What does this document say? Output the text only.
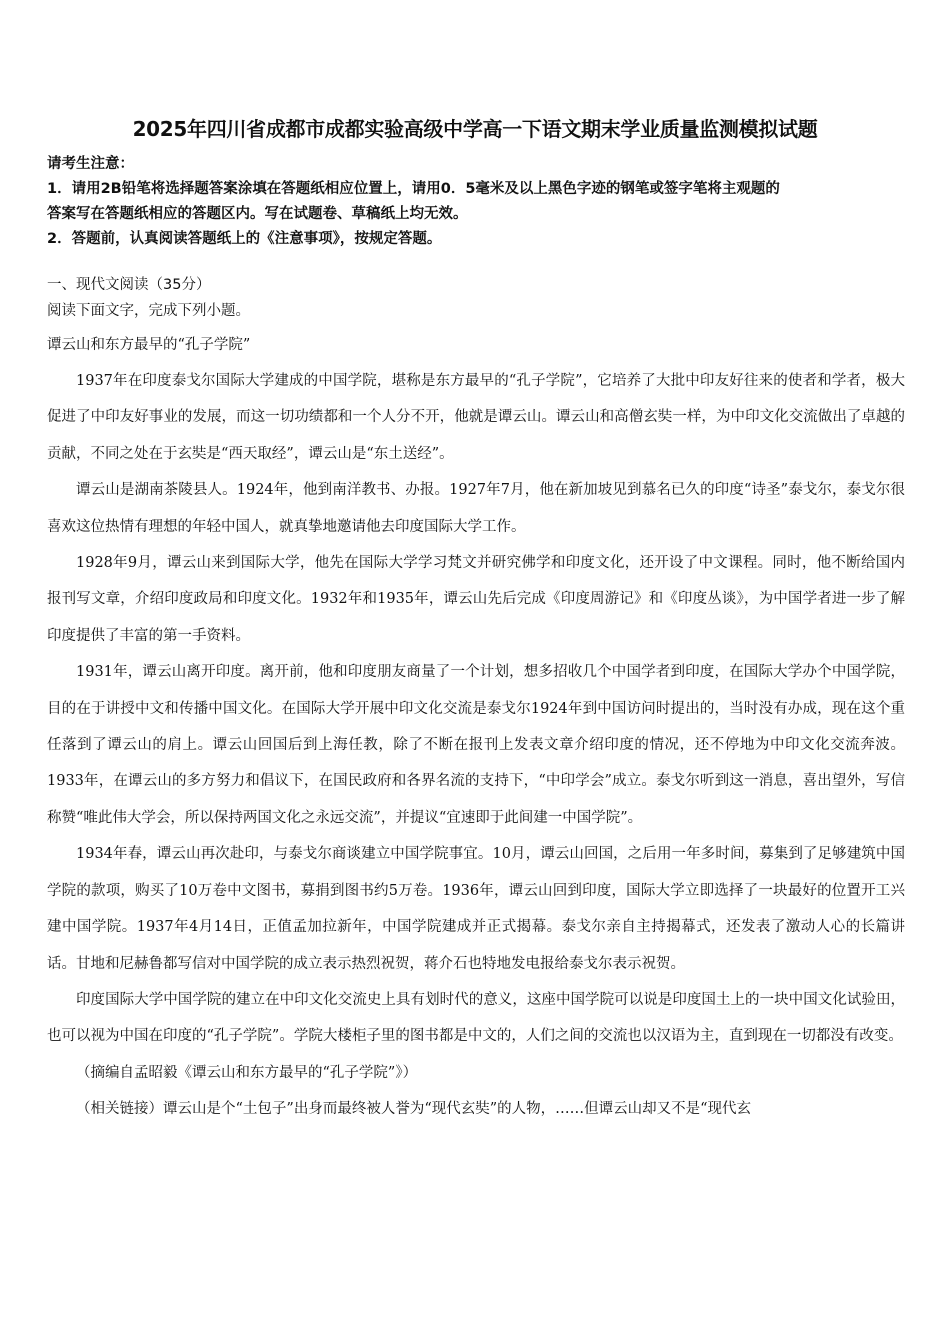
2025年四川省成都市成都实验高级中学高一下语文期末学业质量监测模拟试题
请考生注意：
1．请用2B铅笔将选择题答案涂填在答题纸相应位置上，请用0．5毫米及以上黑色字迹的钢笔或签字笔将主观题的
答案写在答题纸相应的答题区内。写在试题卷、草稿纸上均无效。
2．答题前，认真阅读答题纸上的《注意事项》，按规定答题。
一、现代文阅读（35分）
阅读下面文字，完成下列小题。
谭云山和东方最早的“孔子学院”

1937年在印度泰戈尔国际大学建成的中国学院，堪称是东方最早的“孔子学院”，它培养了大批中印友好往来的使者和学者，极大促进了中印友好事业的发展，而这一切功绩都和一个人分不开，他就是谭云山。谭云山和高僧玄奘一样，为中印文化交流做出了卓越的贡献，不同之处在于玄奘是“西天取经”，谭云山是“东土送经”。

谭云山是湖南茶陵县人。1924年，他到南洋教书、办报。1927年7月，他在新加坡见到慕名已久的印度“诗圣”泰戈尔，泰戈尔很喜欢这位热情有理想的年轻中国人，就真挚地邀请他去印度国际大学工作。

1928年9月，谭云山来到国际大学，他先在国际大学学习梵文并研究佛学和印度文化，还开设了中文课程。同时，他不断给国内报刊写文章，介绍印度政局和印度文化。1932年和1935年，谭云山先后完成《印度周游记》和《印度丛谈》，为中国学者进一步了解印度提供了丰富的第一手资料。

1931年，谭云山离开印度。离开前，他和印度朋友商量了一个计划，想多招收几个中国学者到印度，在国际大学办个中国学院，目的在于讲授中文和传播中国文化。在国际大学开展中印文化交流是泰戈尔1924年到中国访问时提出的，当时没有办成，现在这个重任落到了谭云山的肩上。谭云山回国后到上海任教，除了不断在报刊上发表文章介绍印度的情况，还不停地为中印文化交流奔波。1933年，在谭云山的多方努力和倡议下，在国民政府和各界名流的支持下，“中印学会”成立。泰戈尔听到这一消息，喜出望外，写信称赞“唯此伟大学会，所以保持两国文化之永远交流”，并提议“宜速即于此间建一中国学院”。

1934年春，谭云山再次赴印，与泰戈尔商谈建立中国学院事宜。10月，谭云山回国，之后用一年多时间，募集到了足够建筑中国学院的款项，购买了10万卷中文图书，募捐到图书约5万卷。1936年，谭云山回到印度，国际大学立即选择了一块最好的位置开工兴建中国学院。1937年4月14日，正值孟加拉新年，中国学院建成并正式揭幕。泰戈尔亲自主持揭幕式，还发表了激动人心的长篇讲话。甘地和尼赫鲁都写信对中国学院的成立表示热烈祝贺，蒋介石也特地发电报给泰戈尔表示祝贺。

印度国际大学中国学院的建立在中印文化交流史上具有划时代的意义，这座中国学院可以说是印度国土上的一块中国文化试验田，也可以视为中国在印度的“孔子学院”。学院大楼柜子里的图书都是中文的，人们之间的交流也以汉语为主，直到现在一切都没有改变。

（摘编自孟昭毅《谭云山和东方最早的“孔子学院”》）

（相关链接）谭云山是个“土包子”出身而最终被人誉为“现代玄奘”的人物，……但谭云山却又不是“现代玄
